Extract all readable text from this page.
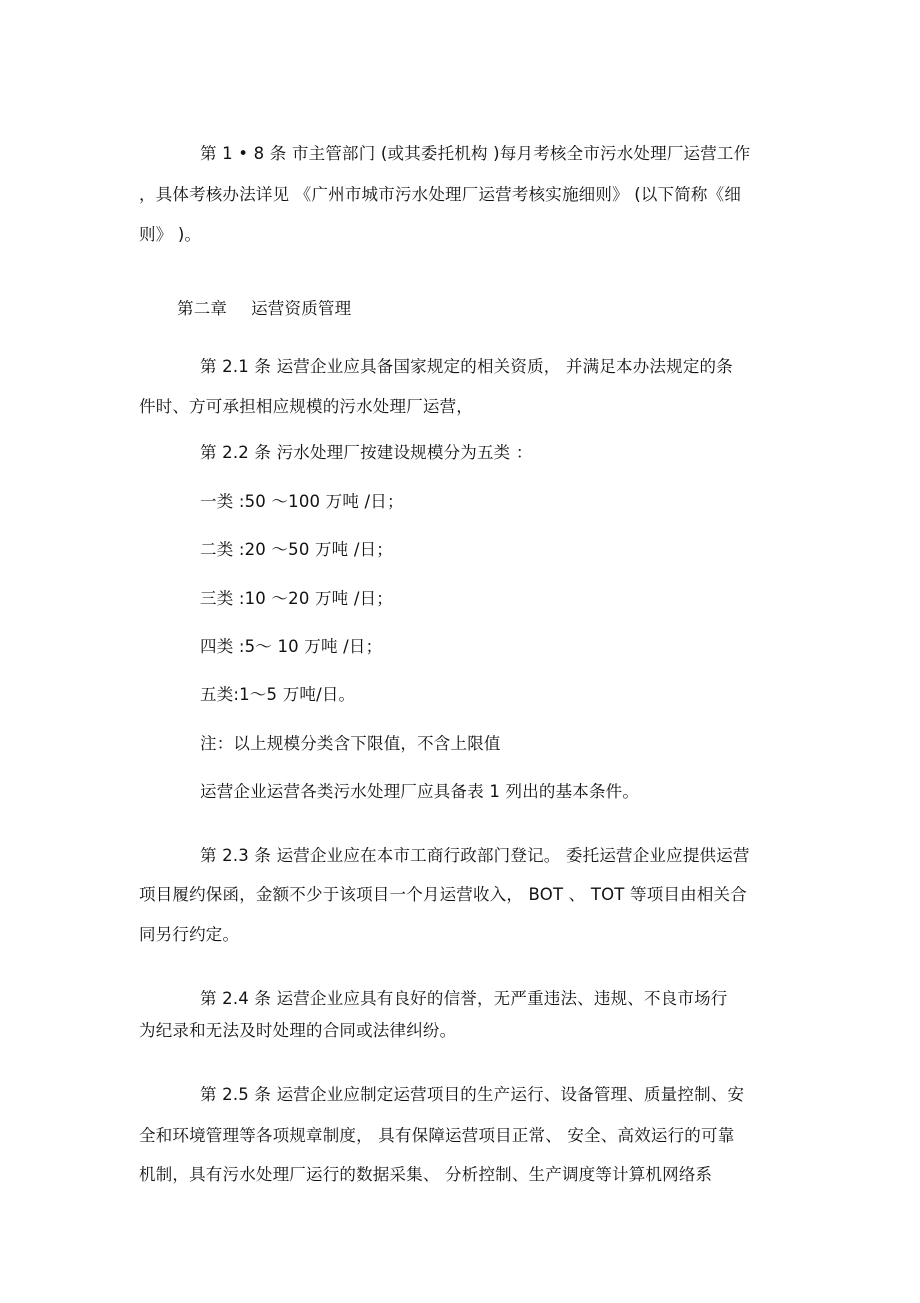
第 1 • 8 条 市主管部门 (或其委托机构 )每月考核全市污水处理厂运营工作
，具体考核办法详见 《广州市城市污水处理厂运营考核实施细则》 (以下简称《细
则》 )。
第二章 运营资质管理
第 2.1 条 运营企业应具备国家规定的相关资质， 并满足本办法规定的条
件时、方可承担相应规模的污水处理厂运营，
第 2.2 条 污水处理厂按建设规模分为五类 ：
一类 :50 ～100 万吨 /日；
二类 :20 ～50 万吨 /日；
三类 :10 ～20 万吨 /日；
四类 :5～ 10 万吨 /日；
五类:1～5 万吨/日。
注：以上规模分类含下限值，不含上限值
运营企业运营各类污水处理厂应具备表 1 列出的基本条件。
第 2.3 条 运营企业应在本市工商行政部门登记。 委托运营企业应提供运营
项目履约保函，金额不少于该项目一个月运营收入， BOT 、 TOT 等项目由相关合
同另行约定。
第 2.4 条 运营企业应具有良好的信誉，无严重违法、违规、不良市场行
为纪录和无法及时处理的合同或法律纠纷。
第 2.5 条 运营企业应制定运营项目的生产运行、设备管理、质量控制、安
全和环境管理等各项规章制度， 具有保障运营项目正常、 安全、高效运行的可靠
机制，具有污水处理厂运行的数据采集、 分析控制、生产调度等计算机网络系
